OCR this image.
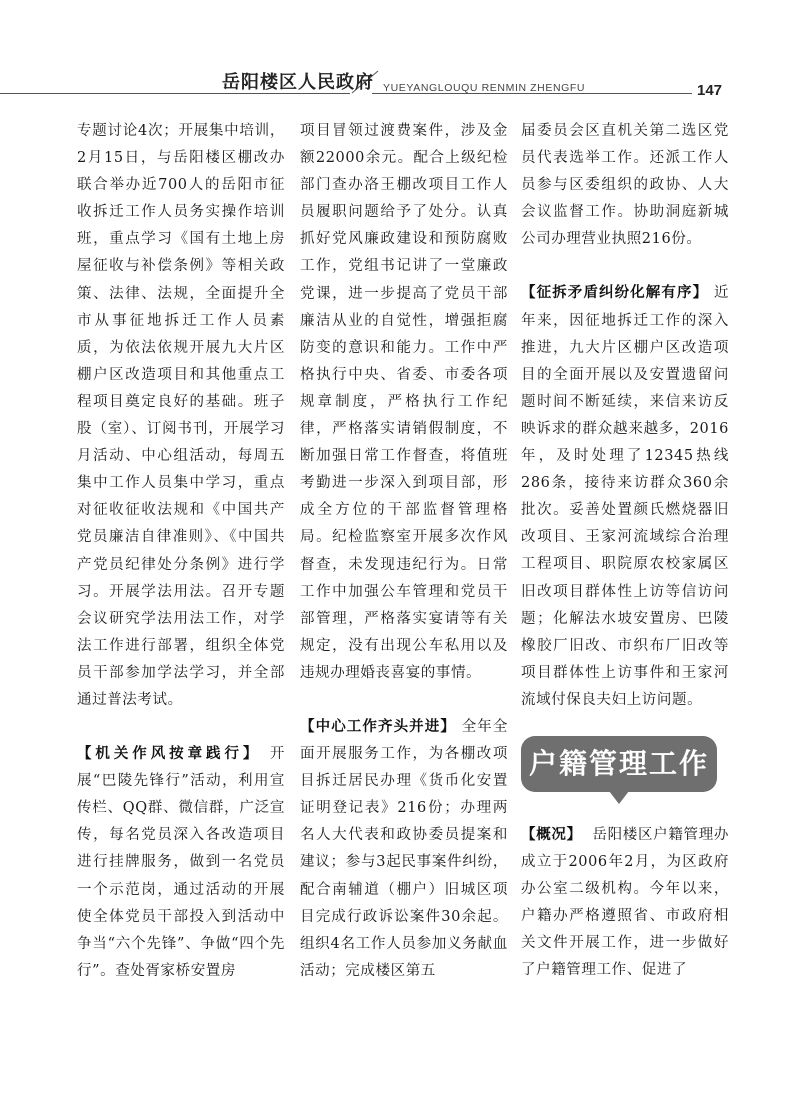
岳阳楼区人民政府 YUEYANGLOUQU RENMIN ZHENGFU	147

专题讨论4次；开展集中培训，2月15日，与岳阳楼区棚改办联合举办近700人的岳阳市征收拆迁工作人员务实操作培训班，重点学习《国有土地上房屋征收与补偿条例》等相关政策、法律、法规，全面提升全市从事征地拆迁工作人员素质，为依法依规开展九大片区棚户区改造项目和其他重点工程项目奠定良好的基础。班子股（室）、订阅书刊，开展学习月活动、中心组活动，每周五集中工作人员集中学习，重点对征收征收法规和《中国共产党员廉洁自律准则》、《中国共产党员纪律处分条例》进行学习。开展学法用法。召开专题会议研究学法用法工作，对学法工作进行部署，组织全体党员干部参加学法学习，并全部通过普法考试。

【机关作风按章践行】 开展“巴陵先锋行”活动，利用宣传栏、QQ群、微信群，广泛宣传，每名党员深入各改造项目进行挂牌服务，做到一名党员一个示范岗，通过活动的开展使全体党员干部投入到活动中争当“六个先锋”、争做“四个先行”。查处胥家桥安置房

项目冒领过渡费案件，涉及金额22000余元。配合上级纪检部门查办洛王棚改项目工作人员履职问题给予了处分。认真抓好党风廉政建设和预防腐败工作，党组书记讲了一堂廉政党课，进一步提高了党员干部廉洁从业的自觉性，增强拒腐防变的意识和能力。工作中严格执行中央、省委、市委各项规章制度，严格执行工作纪律，严格落实请销假制度，不断加强日常工作督查，将值班考勤进一步深入到项目部，形成全方位的干部监督管理格局。纪检监察室开展多次作风督查，未发现违纪行为。日常工作中加强公车管理和党员干部管理，严格落实宴请等有关规定，没有出现公车私用以及违规办理婚丧喜宴的事情。

【中心工作齐头并进】 全年全面开展服务工作，为各棚改项目拆迁居民办理《货币化安置证明登记表》216份；办理两名人大代表和政协委员提案和建议；参与3起民事案件纠纷，配合南辅道（棚户）旧城区项目完成行政诉讼案件30余起。组织4名工作人员参加义务献血活动；完成楼区第五

届委员会区直机关第二选区党员代表选举工作。还派工作人员参与区委组织的政协、人大会议监督工作。协助洞庭新城公司办理营业执照216份。

【征拆矛盾纠纷化解有序】 近年来，因征地拆迁工作的深入推进，九大片区棚户区改造项目的全面开展以及安置遗留问题时间不断延续，来信来访反映诉求的群众越来越多，2016年，及时处理了12345热线286条，接待来访群众360余批次。妥善处置颜氏燃烧器旧改项目、王家河流域综合治理工程项目、职院原农校家属区旧改项目群体性上访等信访问题；化解法水坡安置房、巴陵橡胶厂旧改、市织布厂旧改等项目群体性上访事件和王家河流域付保良夫妇上访问题。

户籍管理工作

【概况】 岳阳楼区户籍管理办成立于2006年2月，为区政府办公室二级机构。今年以来，户籍办严格遵照省、市政府相关文件开展工作，进一步做好了户籍管理工作、促进了
